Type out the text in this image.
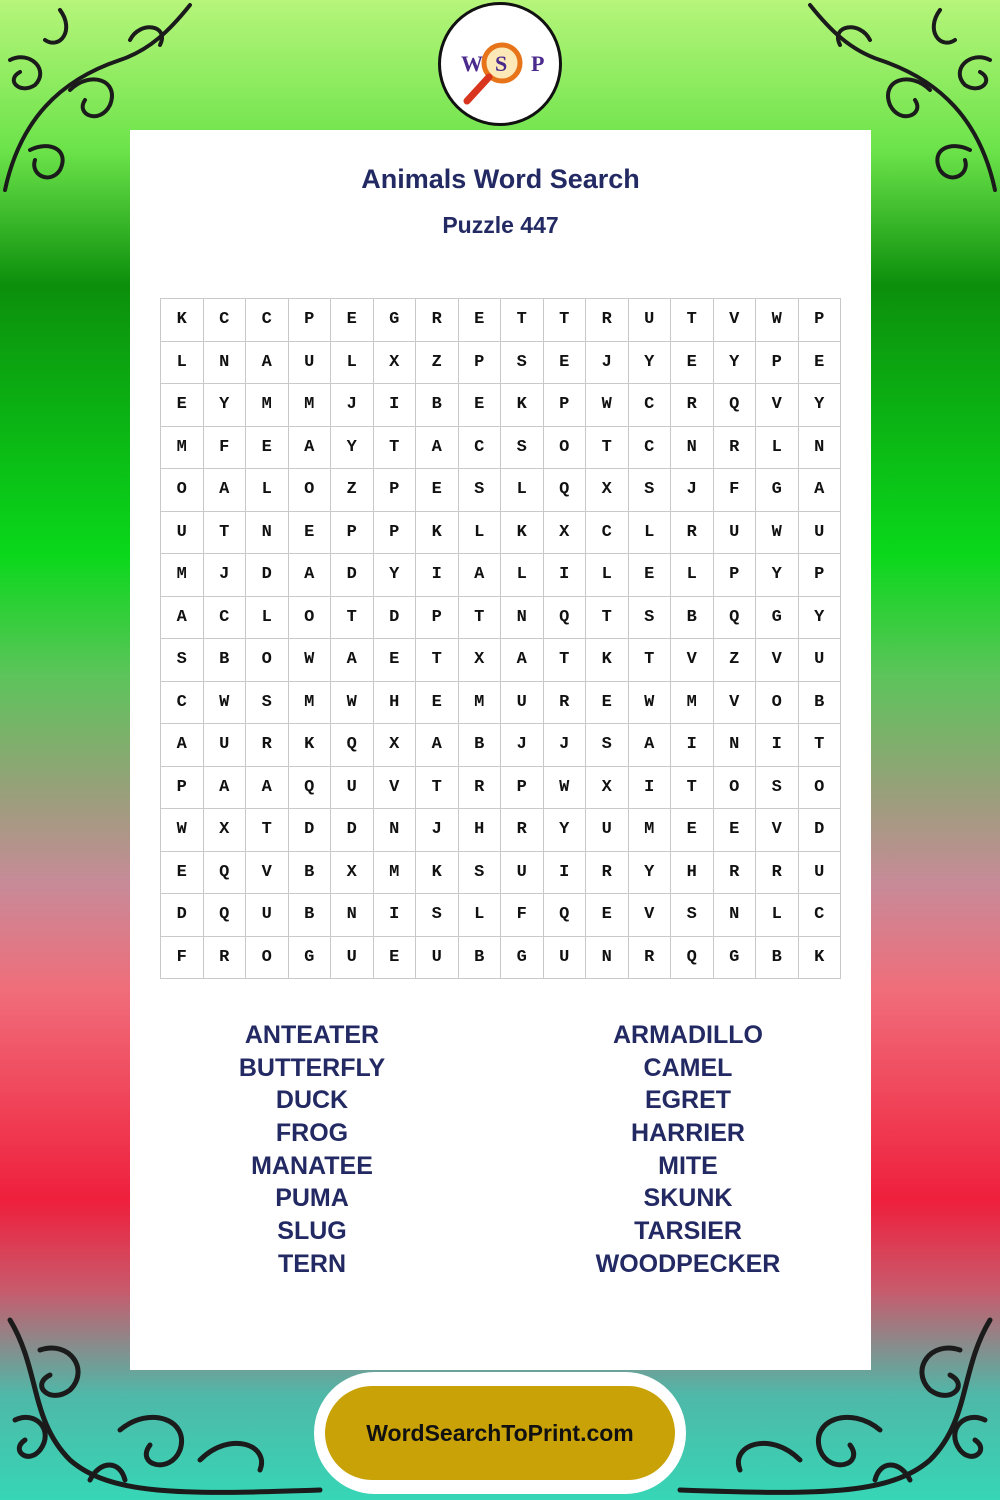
W S P
Animals Word Search
Puzzle 447
K	C	C	P	E	G	R	E	T	T	R	U	T	V	W	P
L	N	A	U	L	X	Z	P	S	E	J	Y	E	Y	P	E
E	Y	M	M	J	I	B	E	K	P	W	C	R	Q	V	Y
M	F	E	A	Y	T	A	C	S	O	T	C	N	R	L	N
O	A	L	O	Z	P	E	S	L	Q	X	S	J	F	G	A
U	T	N	E	P	P	K	L	K	X	C	L	R	U	W	U
M	J	D	A	D	Y	I	A	L	I	L	E	L	P	Y	P
A	C	L	O	T	D	P	T	N	Q	T	S	B	Q	G	Y
S	B	O	W	A	E	T	X	A	T	K	T	V	Z	V	U
C	W	S	M	W	H	E	M	U	R	E	W	M	V	O	B
A	U	R	K	Q	X	A	B	J	J	S	A	I	N	I	T
P	A	A	Q	U	V	T	R	P	W	X	I	T	O	S	O
W	X	T	D	D	N	J	H	R	Y	U	M	E	E	V	D
E	Q	V	B	X	M	K	S	U	I	R	Y	H	R	R	U
D	Q	U	B	N	I	S	L	F	Q	E	V	S	N	L	C
F	R	O	G	U	E	U	B	G	U	N	R	Q	G	B	K
ANTEATER
BUTTERFLY
DUCK
FROG
MANATEE
PUMA
SLUG
TERN
ARMADILLO
CAMEL
EGRET
HARRIER
MITE
SKUNK
TARSIER
WOODPECKER
WordSearchToPrint.com
